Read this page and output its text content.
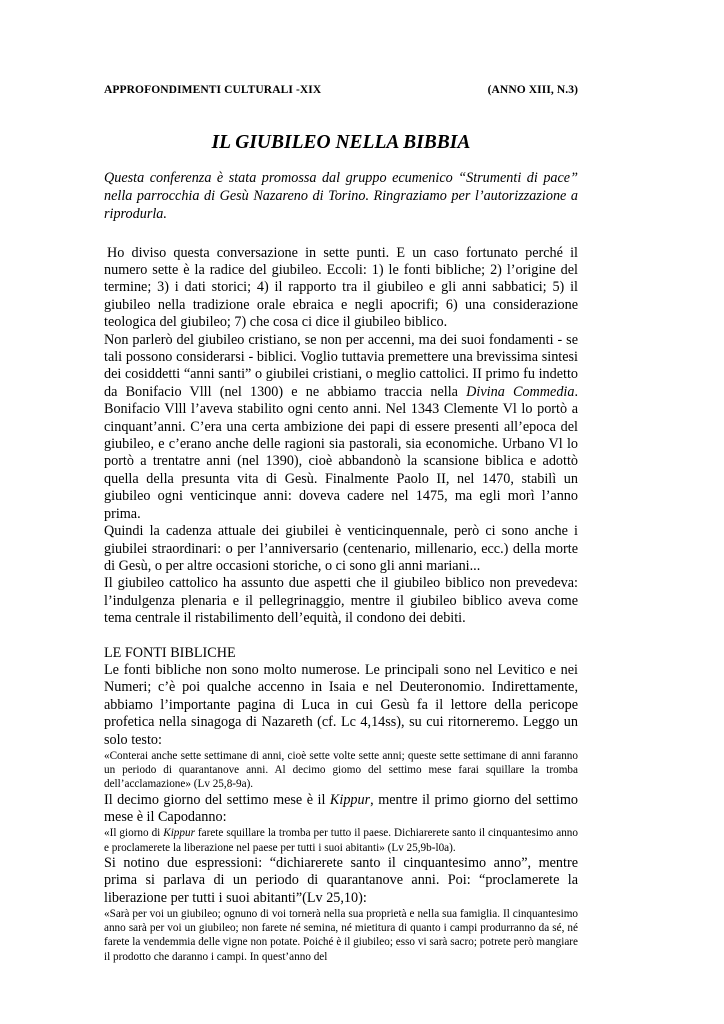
APPROFONDIMENTI CULTURALI -XIX	(ANNO XIII, N.3)
IL GIUBILEO NELLA BIBBIA

Questa conferenza è stata promossa dal gruppo ecumenico “Strumenti di pace” nella parrocchia di Gesù Nazareno di Torino. Ringraziamo per l’autorizzazione a riprodurla.

Ho diviso questa conversazione in sette punti. E un caso fortunato perché il numero sette è la radice del giubileo. Eccoli: 1) le fonti bibliche; 2) l’origine del termine; 3) i dati storici; 4) il rapporto tra il giubileo e gli anni sabbatici; 5) il giubileo nella tradizione orale ebraica e negli apocrifi; 6) una considerazione teologica del giubileo; 7) che cosa ci dice il giubileo biblico.

Non parlerò del giubileo cristiano, se non per accenni, ma dei suoi fondamenti - se tali possono considerarsi - biblici. Voglio tuttavia premettere una brevissima sintesi dei cosiddetti “anni santi” o giubilei cristiani, o meglio cattolici. II primo fu indetto da Bonifacio Vlll (nel 1300) e ne abbiamo traccia nella Divina Commedia. Bonifacio Vlll l’aveva stabilito ogni cento anni. Nel 1343 Clemente Vl lo portò a cinquant’anni. C’era una certa ambizione dei papi di essere presenti all’epoca del giubileo, e c’erano anche delle ragioni sia pastorali, sia economiche. Urbano Vl lo portò a trentatre anni (nel 1390), cioè abbandonò la scansione biblica e adottò quella della presunta vita di Gesù. Finalmente Paolo II, nel 1470, stabilì un giubileo ogni venticinque anni: doveva cadere nel 1475, ma egli morì l’anno prima.

Quindi la cadenza attuale dei giubilei è venticinquennale, però ci sono anche i giubilei straordinari: o per l’anniversario (centenario, millenario, ecc.) della morte di Gesù, o per altre occasioni storiche, o ci sono gli anni mariani...

Il giubileo cattolico ha assunto due aspetti che il giubileo biblico non prevedeva: l’indulgenza plenaria e il pellegrinaggio, mentre il giubileo biblico aveva come tema centrale il ristabilimento dell’equità, il condono dei debiti.

LE FONTI BIBLICHE

Le fonti bibliche non sono molto numerose. Le principali sono nel Levitico e nei Numeri; c’è poi qualche accenno in Isaia e nel Deuteronomio. Indirettamente, abbiamo l’importante pagina di Luca in cui Gesù fa il lettore della pericope profetica nella sinagoga di Nazareth (cf. Lc 4,14ss), su cui ritorneremo. Leggo un solo testo:

«Conterai anche sette settimane di anni, cioè sette volte sette anni; queste sette settimane di anni faranno un periodo di quarantanove anni. Al decimo giomo del settimo mese farai squillare la tromba dell’acclamazione» (Lv 25,8-9a).

Il decimo giorno del settimo mese è il Kippur, mentre il primo giorno del settimo mese è il Capodanno:

«Il giorno di Kippur farete squillare la tromba per tutto il paese. Dichiarerete santo il cinquantesimo anno e proclamerete la liberazione nel paese per tutti i suoi abitanti» (Lv 25,9b-l0a).

Si notino due espressioni: “dichiarerete santo il cinquantesimo anno”, mentre prima si parlava di un periodo di quarantanove anni. Poi: “proclamerete la liberazione per tutti i suoi abitanti”(Lv 25,10):

«Sarà per voi un giubileo; ognuno di voi tornerà nella sua proprietà e nella sua famiglia. Il cinquantesimo anno sarà per voi un giubileo; non farete né semina, né mietitura di quanto i campi produrranno da sé, né farete la vendemmia delle vigne non potate. Poiché è il giubileo; esso vi sarà sacro; potrete però mangiare il prodotto che daranno i campi. In quest’anno del
